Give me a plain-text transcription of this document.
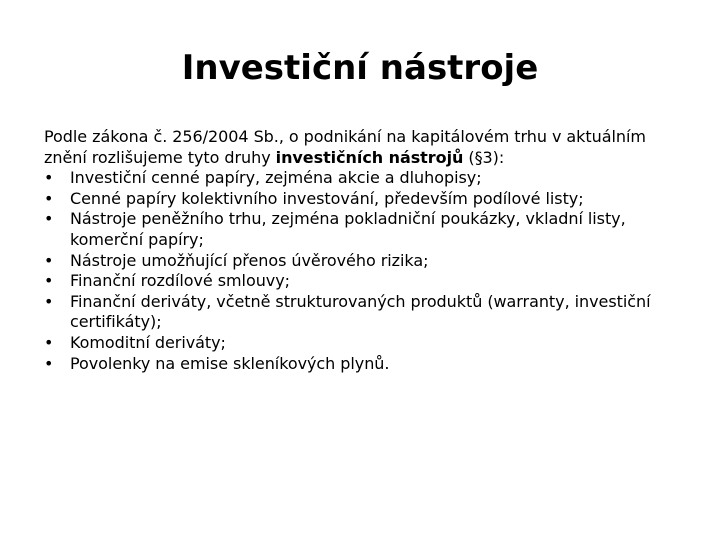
Investiční nástroje

Podle zákona č. 256/2004 Sb., o podnikání na kapitálovém trhu v aktuálním znění rozlišujeme tyto druhy investičních nástrojů (§3):

•	Investiční cenné papíry, zejména akcie a dluhopisy;
•	Cenné papíry kolektivního investování, především podílové listy;
•	Nástroje peněžního trhu, zejména pokladniční poukázky, vkladní listy, komerční papíry;
•	Nástroje umožňující přenos úvěrového rizika;
•	Finanční rozdílové smlouvy;
•	Finanční deriváty, včetně strukturovaných produktů (warranty, investiční certifikáty);
•	Komoditní deriváty;
•	Povolenky na emise skleníkových plynů.
